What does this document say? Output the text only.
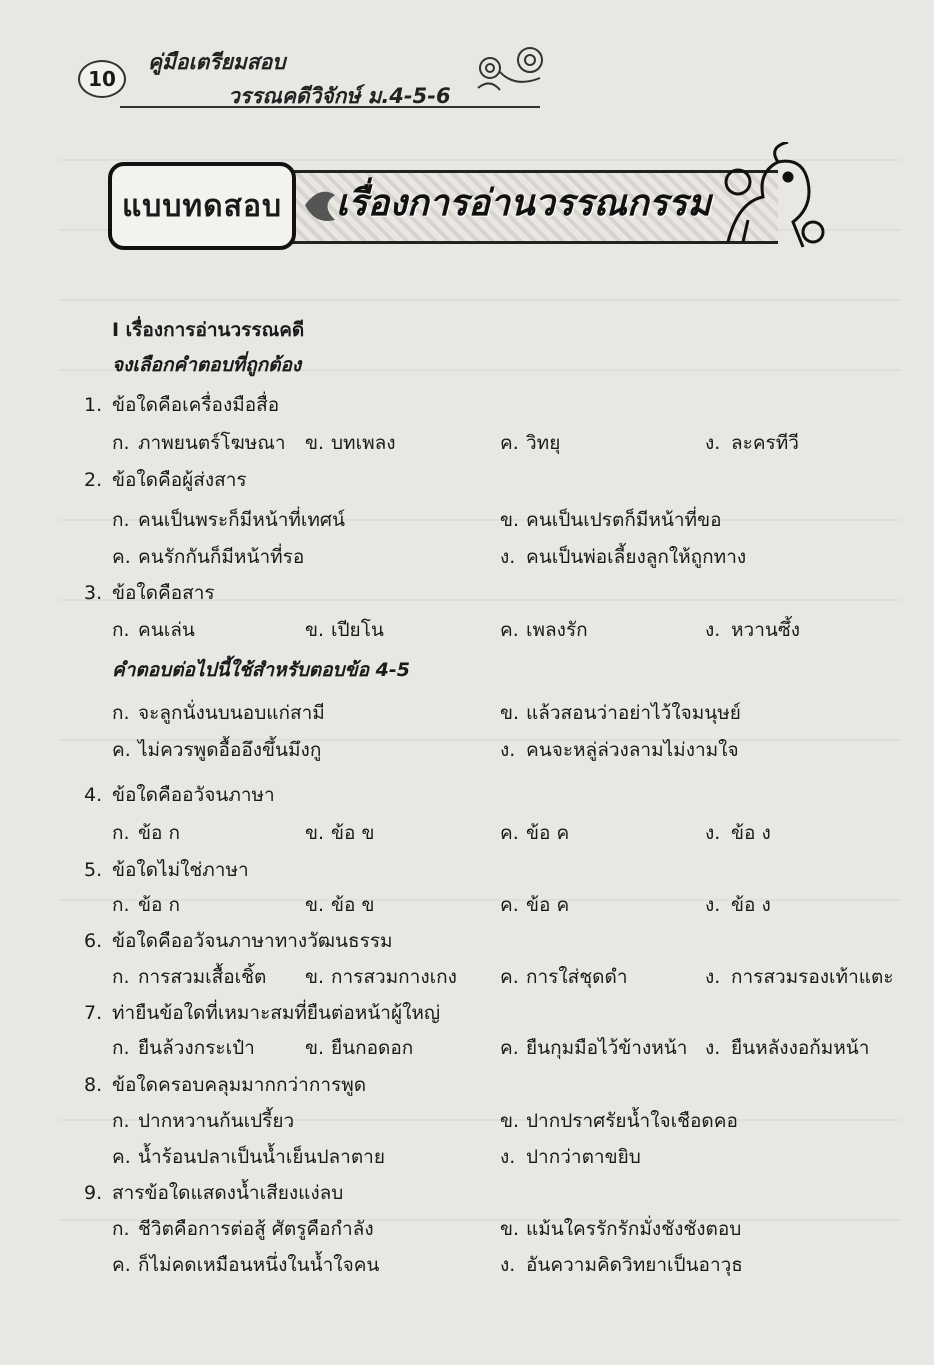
10
คู่มือเตรียมสอบ
วรรณคดีวิจักษ์ ม.4-5-6
แบบทดสอบ	เรื่องการอ่านวรรณกรรม
I เรื่องการอ่านวรรณคดี
จงเลือกคำตอบที่ถูกต้อง
1. ข้อใดคือเครื่องมือสื่อ
ก. ภาพยนตร์โฆษณา ข. บทเพลง	ค. วิทยุ	ง. ละครทีวี
2. ข้อใดคือผู้ส่งสาร
ก. คนเป็นพระก็มีหน้าที่เทศน์	ข. คนเป็นเปรตก็มีหน้าที่ขอ
ค. คนรักกันก็มีหน้าที่รอ	ง. คนเป็นพ่อเลี้ยงลูกให้ถูกทาง
3. ข้อใดคือสาร
ก. คนเล่น	ข. เปียโน	ค. เพลงรัก	ง. หวานซึ้ง
คำตอบต่อไปนี้ใช้สำหรับตอบข้อ 4-5
ก. จะลูกนั่งนบนอบแก่สามี	ข. แล้วสอนว่าอย่าไว้ใจมนุษย์
ค. ไม่ควรพูดอื้ออึงขึ้นมึงกู	ง. คนจะหลู่ล่วงลามไม่งามใจ
4. ข้อใดคืออวัจนภาษา
ก. ข้อ ก	ข. ข้อ ข	ค. ข้อ ค	ง. ข้อ ง
5. ข้อใดไม่ใช่ภาษา
ก. ข้อ ก	ข. ข้อ ข	ค. ข้อ ค	ง. ข้อ ง
6. ข้อใดคืออวัจนภาษาทางวัฒนธรรม
ก. การสวมเสื้อเชิ้ต ข. การสวมกางเกง ค. การใส่ชุดดำ	ง. การสวมรองเท้าแตะ
7. ท่ายืนข้อใดที่เหมาะสมที่ยืนต่อหน้าผู้ใหญ่
ก. ยืนล้วงกระเป๋า	ข. ยืนกอดอก	ค. ยืนกุมมือไว้ข้างหน้า ง. ยืนหลังงอก้มหน้า
8. ข้อใดครอบคลุมมากกว่าการพูด
ก. ปากหวานก้นเปรี้ยว	ข. ปากปราศรัยน้ำใจเชือดคอ
ค. น้ำร้อนปลาเป็นน้ำเย็นปลาตาย	ง. ปากว่าตาขยิบ
9. สารข้อใดแสดงน้ำเสียงแง่ลบ
ก. ชีวิตคือการต่อสู้ ศัตรูคือกำลัง	ข. แม้นใครรักรักมั่งชังชังตอบ
ค. ก็ไม่คดเหมือนหนึ่งในน้ำใจคน	ง. อันความคิดวิทยาเป็นอาวุธ
